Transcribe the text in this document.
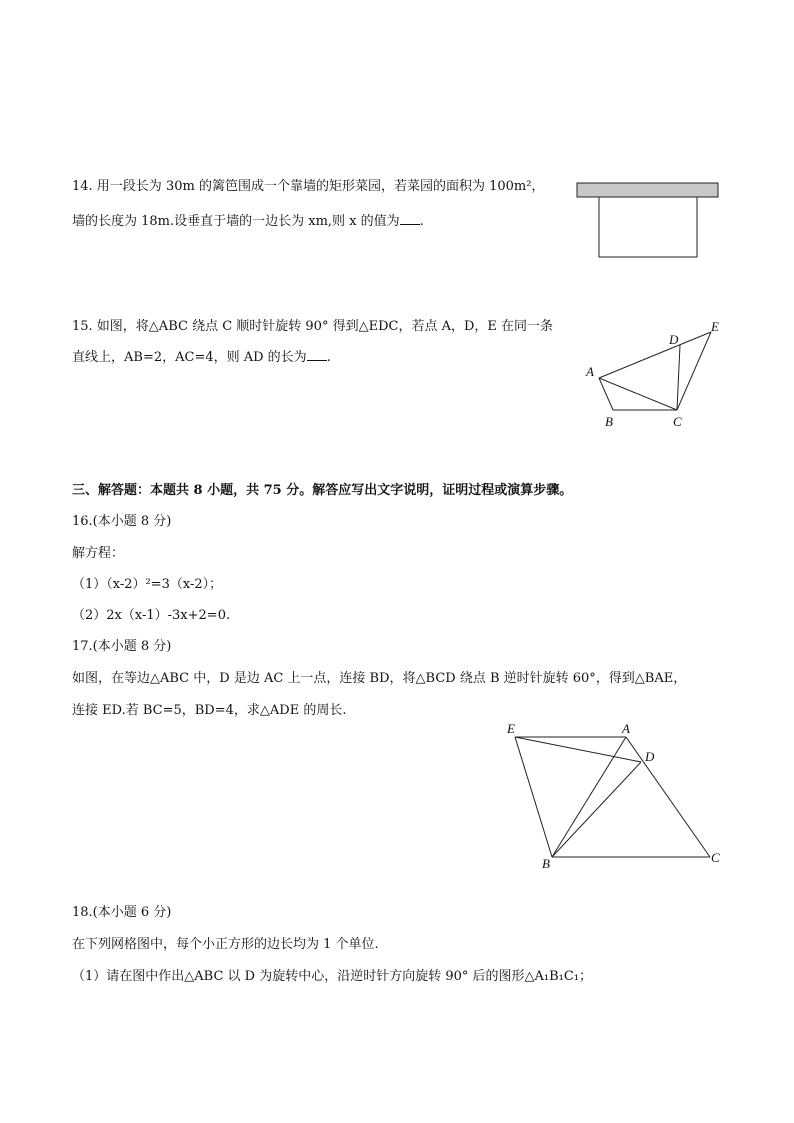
14. 用一段长为 30m 的篱笆围成一个靠墙的矩形菜园，若菜园的面积为 100m²，
墙的长度为 18m.设垂直于墙的一边长为 xm,则 x 的值为 .
15. 如图，将△ABC 绕点 C 顺时针旋转 90° 得到△EDC，若点 A，D，E 在同一条
直线上，AB=2，AC=4，则 AD 的长为 .
A
B	C
D
E
三、解答题：本题共 8 小题，共 75 分。解答应写出文字说明，证明过程或演算步骤。
16.(本小题 8 分)
解方程：
（1）（x-2）²=3（x-2）；
（2）2x（x-1）-3x+2=0.
17.(本小题 8 分)
如图，在等边△ABC 中，D 是边 AC 上一点，连接 BD，将△BCD 绕点 B 逆时针旋转 60°，得到△BAE，
连接 ED.若 BC=5，BD=4，求△ADE 的周长.
E	A
D
B	C
18.(本小题 6 分)
在下列网格图中，每个小正方形的边长均为 1 个单位.
（1）请在图中作出△ABC 以 D 为旋转中心，沿逆时针方向旋转 90° 后的图形△A₁B₁C₁；
